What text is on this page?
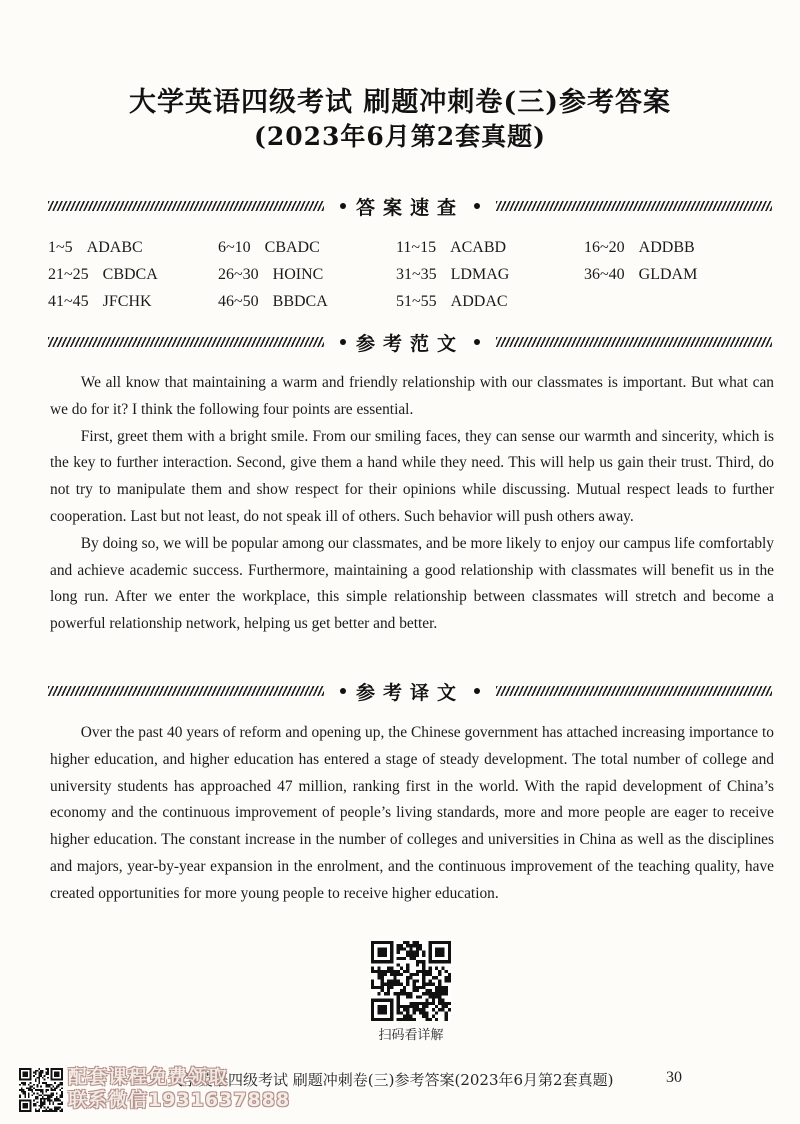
大学英语四级考试 刷题冲刺卷(三)参考答案
(2023年6月第2套真题)
答案速查
1~5 ADABC	6~10 CBADC	11~15 ACABD	16~20 ADDBB
21~25 CBDCA	26~30 HOINC	31~35 LDMAG	36~40 GLDAM
41~45 JFCHK	46~50 BBDCA	51~55 ADDAC
参考范文

We all know that maintaining a warm and friendly relationship with our classmates is important. But what can we do for it? I think the following four points are essential.

First, greet them with a bright smile. From our smiling faces, they can sense our warmth and sincerity, which is the key to further interaction. Second, give them a hand while they need. This will help us gain their trust. Third, do not try to manipulate them and show respect for their opinions while discussing. Mutual respect leads to further cooperation. Last but not least, do not speak ill of others. Such behavior will push others away.

By doing so, we will be popular among our classmates, and be more likely to enjoy our campus life comfortably and achieve academic success. Furthermore, maintaining a good relationship with classmates will benefit us in the long run. After we enter the workplace, this simple relationship between classmates will stretch and become a powerful relationship network, helping us get better and better.

参考译文

Over the past 40 years of reform and opening up, the Chinese government has attached increasing importance to higher education, and higher education has entered a stage of steady development. The total number of college and university students has approached 47 million, ranking first in the world. With the rapid development of China’s economy and the continuous improvement of people’s living standards, more and more people are eager to receive higher education. The constant increase in the number of colleges and universities in China as well as the disciplines and majors, year-by-year expansion in the enrolment, and the continuous improvement of the teaching quality, have created opportunities for more young people to receive higher education.

扫码看详解
大学英语四级考试 刷题冲刺卷(三)参考答案(2023年6月第2套真题)
配套课程免费领取
联系微信1931637888
30
